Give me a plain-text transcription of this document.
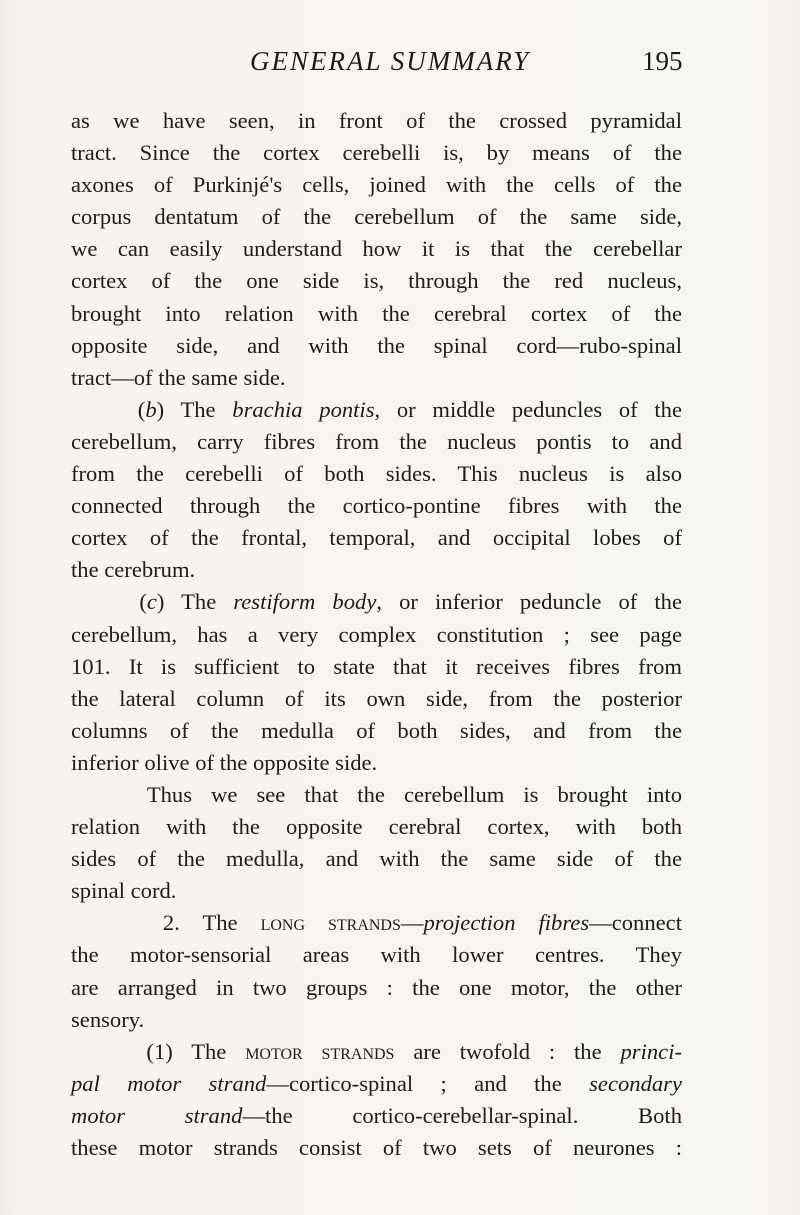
GENERAL SUMMARY	195
as we have seen, in front of the crossed pyramidal
tract. Since the cortex cerebelli is, by means of the
axones of Purkinjé's cells, joined with the cells of the
corpus dentatum of the cerebellum of the same side,
we can easily understand how it is that the cerebellar
cortex of the one side is, through the red nucleus,
brought into relation with the cerebral cortex of the
opposite side, and with the spinal cord—rubo-spinal
tract—of the same side.
(b) The brachia pontis, or middle peduncles of the
cerebellum, carry fibres from the nucleus pontis to and
from the cerebelli of both sides. This nucleus is also
connected through the cortico-pontine fibres with the
cortex of the frontal, temporal, and occipital lobes of
the cerebrum.
(c) The restiform body, or inferior peduncle of the
cerebellum, has a very complex constitution ; see page
101. It is sufficient to state that it receives fibres from
the lateral column of its own side, from the posterior
columns of the medulla of both sides, and from the
inferior olive of the opposite side.
Thus we see that the cerebellum is brought into
relation with the opposite cerebral cortex, with both
sides of the medulla, and with the same side of the
spinal cord.
2. The long strands—projection fibres—connect
the motor-sensorial areas with lower centres. They
are arranged in two groups : the one motor, the other
sensory.
(1) The motor strands are twofold : the princi-
pal motor strand—cortico-spinal ; and the secondary
motor strand—the cortico-cerebellar-spinal. Both
these motor strands consist of two sets of neurones :
